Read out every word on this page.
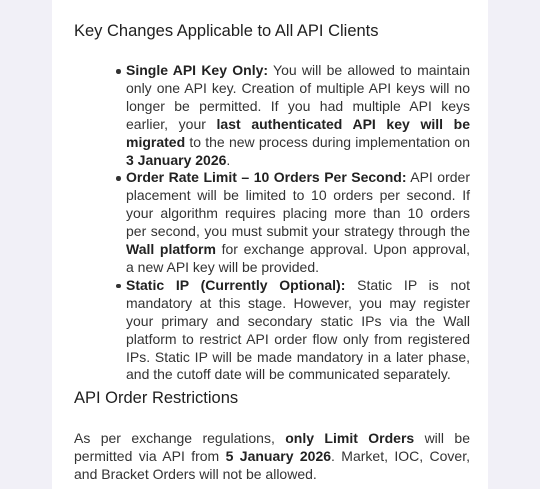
Key Changes Applicable to All API Clients
Single API Key Only: You will be allowed to maintain only one API key. Creation of multiple API keys will no longer be permitted. If you had multiple API keys earlier, your last authenticated API key will be migrated to the new process during implementation on 3 January 2026.
Order Rate Limit – 10 Orders Per Second: API order placement will be limited to 10 orders per second. If your algorithm requires placing more than 10 orders per second, you must submit your strategy through the Wall platform for exchange approval. Upon approval, a new API key will be provided.
Static IP (Currently Optional): Static IP is not mandatory at this stage. However, you may register your primary and secondary static IPs via the Wall platform to restrict API order flow only from registered IPs. Static IP will be made mandatory in a later phase, and the cutoff date will be communicated separately.
API Order Restrictions

As per exchange regulations, only Limit Orders will be permitted via API from 5 January 2026. Market, IOC, Cover, and Bracket Orders will not be allowed.
